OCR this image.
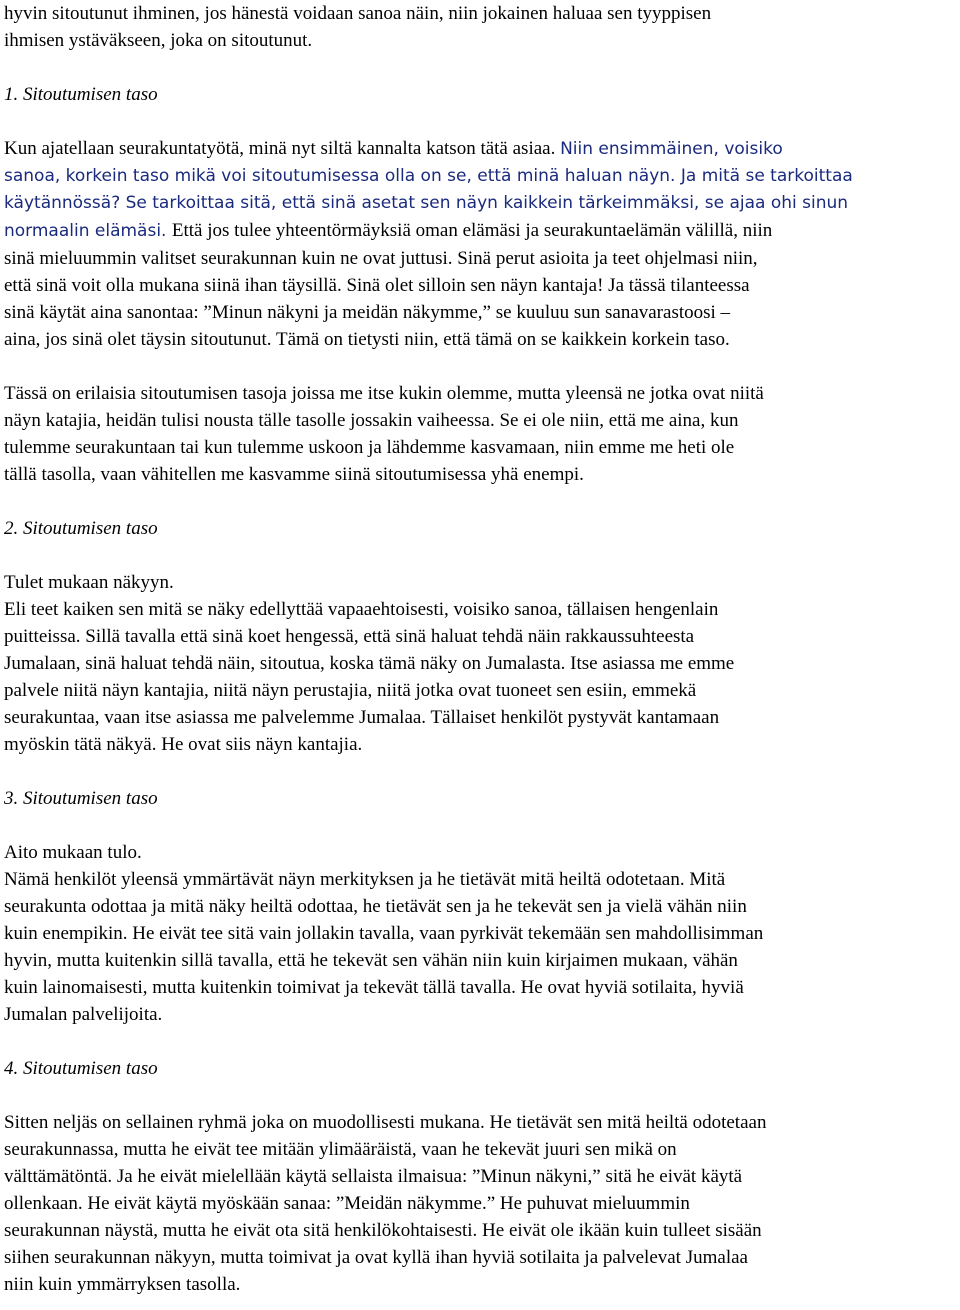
hyvin sitoutunut ihminen, jos hänestä voidaan sanoa näin, niin jokainen haluaa sen tyyppisen
ihmisen ystäväkseen, joka on sitoutunut.

1. Sitoutumisen taso

Kun ajatellaan seurakuntatyötä, minä nyt siltä kannalta katson tätä asiaa. Niin ensimmäinen, voisiko
sanoa, korkein taso mikä voi sitoutumisessa olla on se, että minä haluan näyn. Ja mitä se tarkoittaa
käytännössä? Se tarkoittaa sitä, että sinä asetat sen näyn kaikkein tärkeimmäksi, se ajaa ohi sinun
normaalin elämäsi. Että jos tulee yhteentörmäyksiä oman elämäsi ja seurakuntaelämän välillä, niin
sinä mieluummin valitset seurakunnan kuin ne ovat juttusi. Sinä perut asioita ja teet ohjelmasi niin,
että sinä voit olla mukana siinä ihan täysillä. Sinä olet silloin sen näyn kantaja! Ja tässä tilanteessa
sinä käytät aina sanontaa: ”Minun näkyni ja meidän näkymme,” se kuuluu sun sanavarastoosi –
aina, jos sinä olet täysin sitoutunut. Tämä on tietysti niin, että tämä on se kaikkein korkein taso.
Tässä on erilaisia sitoutumisen tasoja joissa me itse kukin olemme, mutta yleensä ne jotka ovat niitä
näyn katajia, heidän tulisi nousta tälle tasolle jossakin vaiheessa. Se ei ole niin, että me aina, kun
tulemme seurakuntaan tai kun tulemme uskoon ja lähdemme kasvamaan, niin emme me heti ole
tällä tasolla, vaan vähitellen me kasvamme siinä sitoutumisessa yhä enempi.

2. Sitoutumisen taso

Tulet mukaan näkyyn.
Eli teet kaiken sen mitä se näky edellyttää vapaaehtoisesti, voisiko sanoa, tällaisen hengenlain
puitteissa. Sillä tavalla että sinä koet hengessä, että sinä haluat tehdä näin rakkaussuhteesta
Jumalaan, sinä haluat tehdä näin, sitoutua, koska tämä näky on Jumalasta. Itse asiassa me emme
palvele niitä näyn kantajia, niitä näyn perustajia, niitä jotka ovat tuoneet sen esiin, emmekä
seurakuntaa, vaan itse asiassa me palvelemme Jumalaa. Tällaiset henkilöt pystyvät kantamaan
myöskin tätä näkyä. He ovat siis näyn kantajia.

3. Sitoutumisen taso

Aito mukaan tulo.
Nämä henkilöt yleensä ymmärtävät näyn merkityksen ja he tietävät mitä heiltä odotetaan. Mitä
seurakunta odottaa ja mitä näky heiltä odottaa, he tietävät sen ja he tekevät sen ja vielä vähän niin
kuin enempikin. He eivät tee sitä vain jollakin tavalla, vaan pyrkivät tekemään sen mahdollisimman
hyvin, mutta kuitenkin sillä tavalla, että he tekevät sen vähän niin kuin kirjaimen mukaan, vähän
kuin lainomaisesti, mutta kuitenkin toimivat ja tekevät tällä tavalla. He ovat hyviä sotilaita, hyviä
Jumalan palvelijoita.

4. Sitoutumisen taso

Sitten neljäs on sellainen ryhmä joka on muodollisesti mukana. He tietävät sen mitä heiltä odotetaan
seurakunnassa, mutta he eivät tee mitään ylimääräistä, vaan he tekevät juuri sen mikä on
välttämätöntä. Ja he eivät mielellään käytä sellaista ilmaisua: ”Minun näkyni,” sitä he eivät käytä
ollenkaan. He eivät käytä myöskään sanaa: ”Meidän näkymme.” He puhuvat mieluummin
seurakunnan näystä, mutta he eivät ota sitä henkilökohtaisesti. He eivät ole ikään kuin tulleet sisään
siihen seurakunnan näkyyn, mutta toimivat ja ovat kyllä ihan hyviä sotilaita ja palvelevat Jumalaa
niin kuin ymmärryksen tasolla.
